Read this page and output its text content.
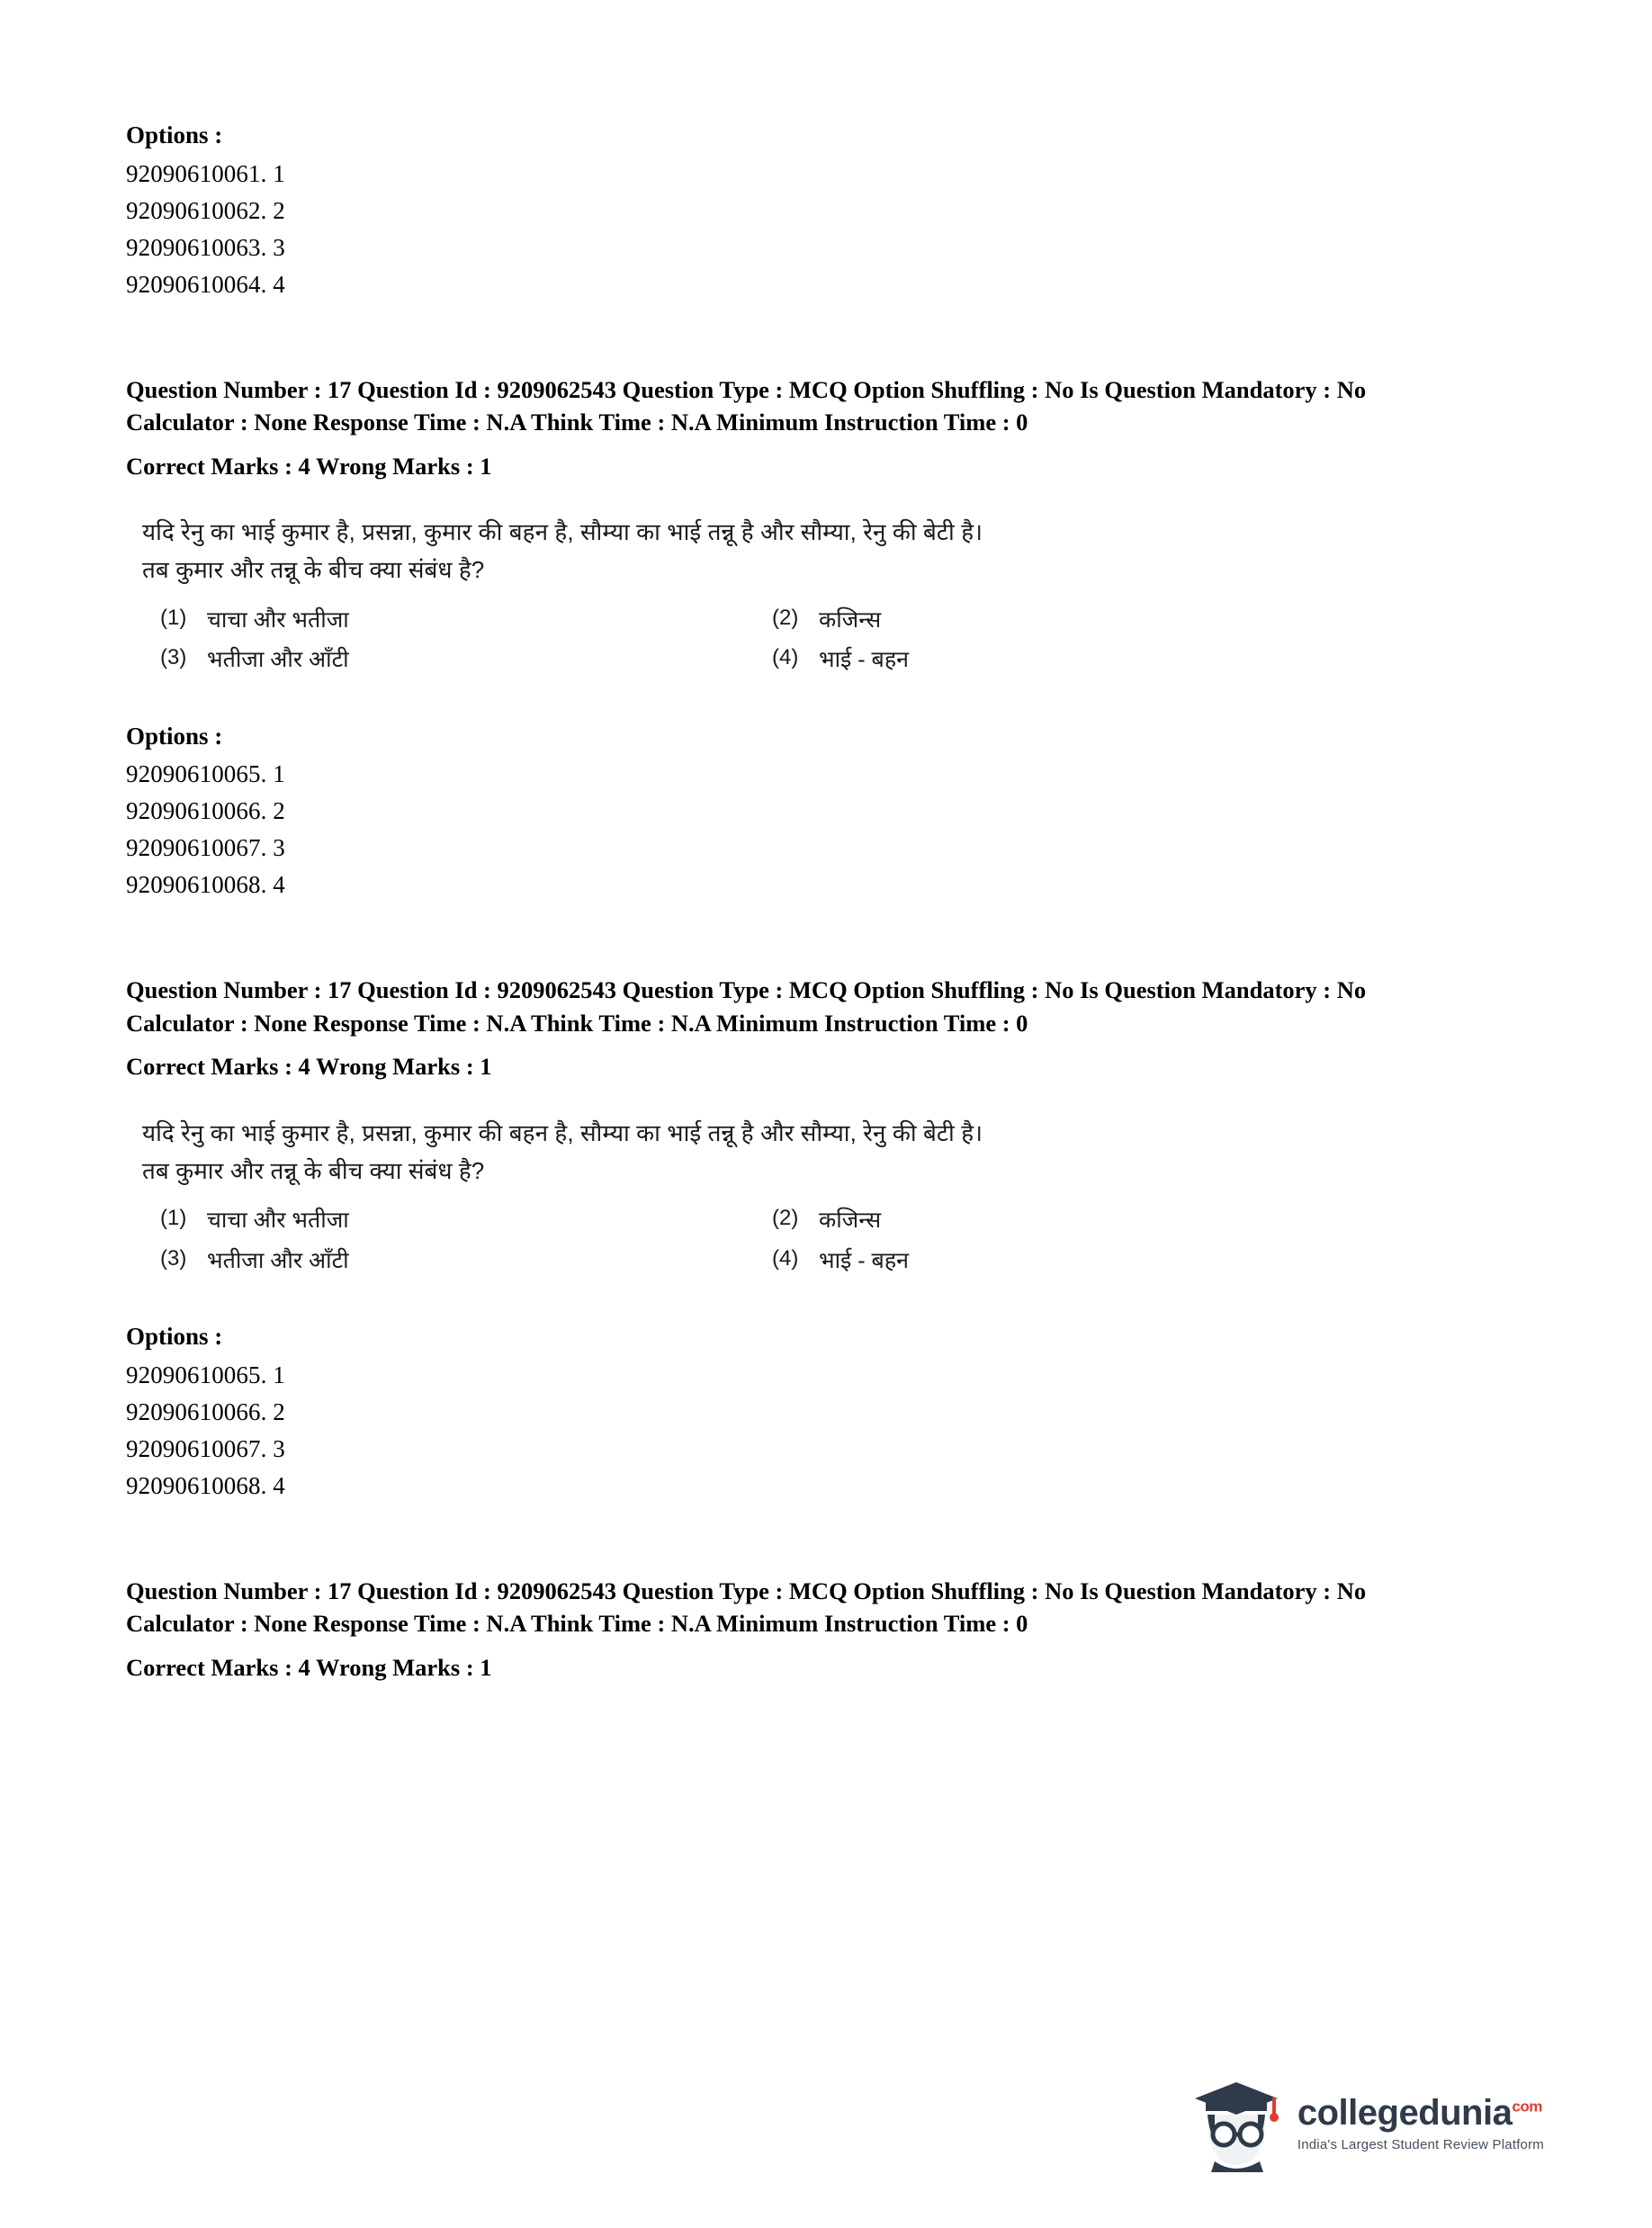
Options :

92090610061. 1

92090610062. 2

92090610063. 3

92090610064. 4

Question Number : 17 Question Id : 9209062543 Question Type : MCQ Option Shuffling : No Is Question Mandatory : No Calculator : None Response Time : N.A Think Time : N.A Minimum Instruction Time : 0

Correct Marks : 4 Wrong Marks : 1

यदि रेनु का भाई कुमार है, प्रसन्ना, कुमार की बहन है, सौम्या का भाई तन्नू है और सौम्या, रेनु की बेटी है।
तब कुमार और तन्नू के बीच क्या संबंध है?
(1) चाचा और भतीजा	(2) कजिन्स
(3) भतीजा और आँटी	(4) भाई - बहन

Options :

92090610065. 1

92090610066. 2

92090610067. 3

92090610068. 4

Question Number : 17 Question Id : 9209062543 Question Type : MCQ Option Shuffling : No Is Question Mandatory : No Calculator : None Response Time : N.A Think Time : N.A Minimum Instruction Time : 0

Correct Marks : 4 Wrong Marks : 1

यदि रेनु का भाई कुमार है, प्रसन्ना, कुमार की बहन है, सौम्या का भाई तन्नू है और सौम्या, रेनु की बेटी है।
तब कुमार और तन्नू के बीच क्या संबंध है?
(1) चाचा और भतीजा	(2) कजिन्स
(3) भतीजा और आँटी	(4) भाई - बहन

Options :

92090610065. 1

92090610066. 2

92090610067. 3

92090610068. 4

Question Number : 17 Question Id : 9209062543 Question Type : MCQ Option Shuffling : No Is Question Mandatory : No Calculator : None Response Time : N.A Think Time : N.A Minimum Instruction Time : 0

Correct Marks : 4 Wrong Marks : 1

collegedunia$^{com}$
India's Largest Student Review Platform
